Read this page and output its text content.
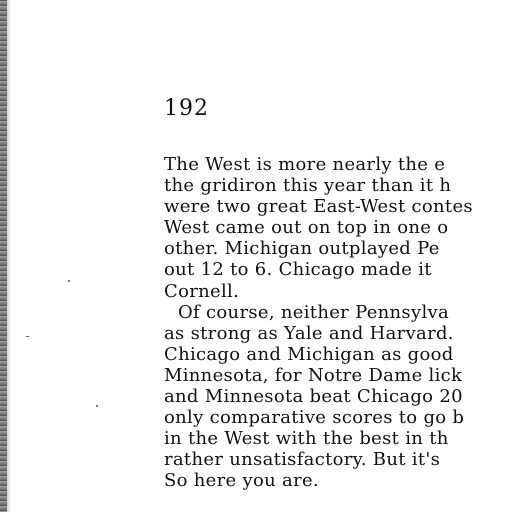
192
The West is more nearly the e
the gridiron this year than it h
were two great East-West contes
West came out on top in one o
other. Michigan outplayed Pe
out 12 to 6. Chicago made it
Cornell.
Of course, neither Pennsylva
as strong as Yale and Harvard.
Chicago and Michigan as good
Minnesota, for Notre Dame lick
and Minnesota beat Chicago 20
only comparative scores to go b
in the West with the best in th
rather unsatisfactory. But it's
So here you are.
